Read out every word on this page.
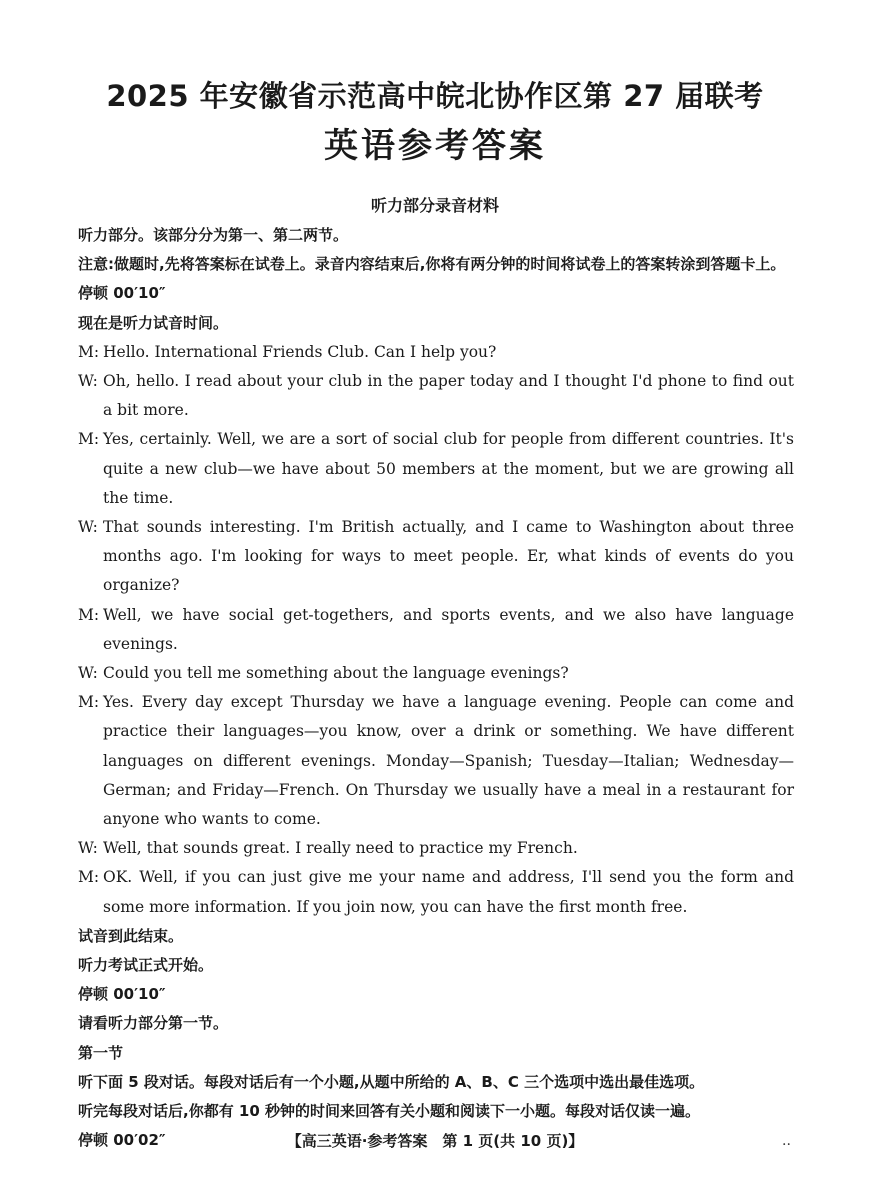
2025 年安徽省示范高中皖北协作区第 27 届联考
英语参考答案
听力部分录音材料

听力部分。该部分分为第一、第二两节。

注意:做题时,先将答案标在试卷上。录音内容结束后,你将有两分钟的时间将试卷上的答案转涂到答题卡上。

停顿 00′10″

现在是听力试音时间。

M: Hello. International Friends Club. Can I help you?
W: Oh, hello. I read about your club in the paper today and I thought I'd phone to find out a bit more.
M: Yes, certainly. Well, we are a sort of social club for people from different countries. It's quite a new club—we have about 50 members at the moment, but we are growing all the time.
W: That sounds interesting. I'm British actually, and I came to Washington about three months ago. I'm looking for ways to meet people. Er, what kinds of events do you organize?
M: Well, we have social get-togethers, and sports events, and we also have language evenings.
W: Could you tell me something about the language evenings?
M: Yes. Every day except Thursday we have a language evening. People can come and practice their languages—you know, over a drink or something. We have different languages on different evenings. Monday—Spanish; Tuesday—Italian; Wednesday—German; and Friday—French. On Thursday we usually have a meal in a restaurant for anyone who wants to come.
W: Well, that sounds great. I really need to practice my French.
M: OK. Well, if you can just give me your name and address, I'll send you the form and some more information. If you join now, you can have the first month free.

试音到此结束。

听力考试正式开始。

停顿 00′10″

请看听力部分第一节。

第一节

听下面 5 段对话。每段对话后有一个小题,从题中所给的 A、B、C 三个选项中选出最佳选项。

听完每段对话后,你都有 10 秒钟的时间来回答有关小题和阅读下一小题。每段对话仅读一遍。

停顿 00′02″	【高三英语·参考答案　第 1 页(共 10 页)】	..
